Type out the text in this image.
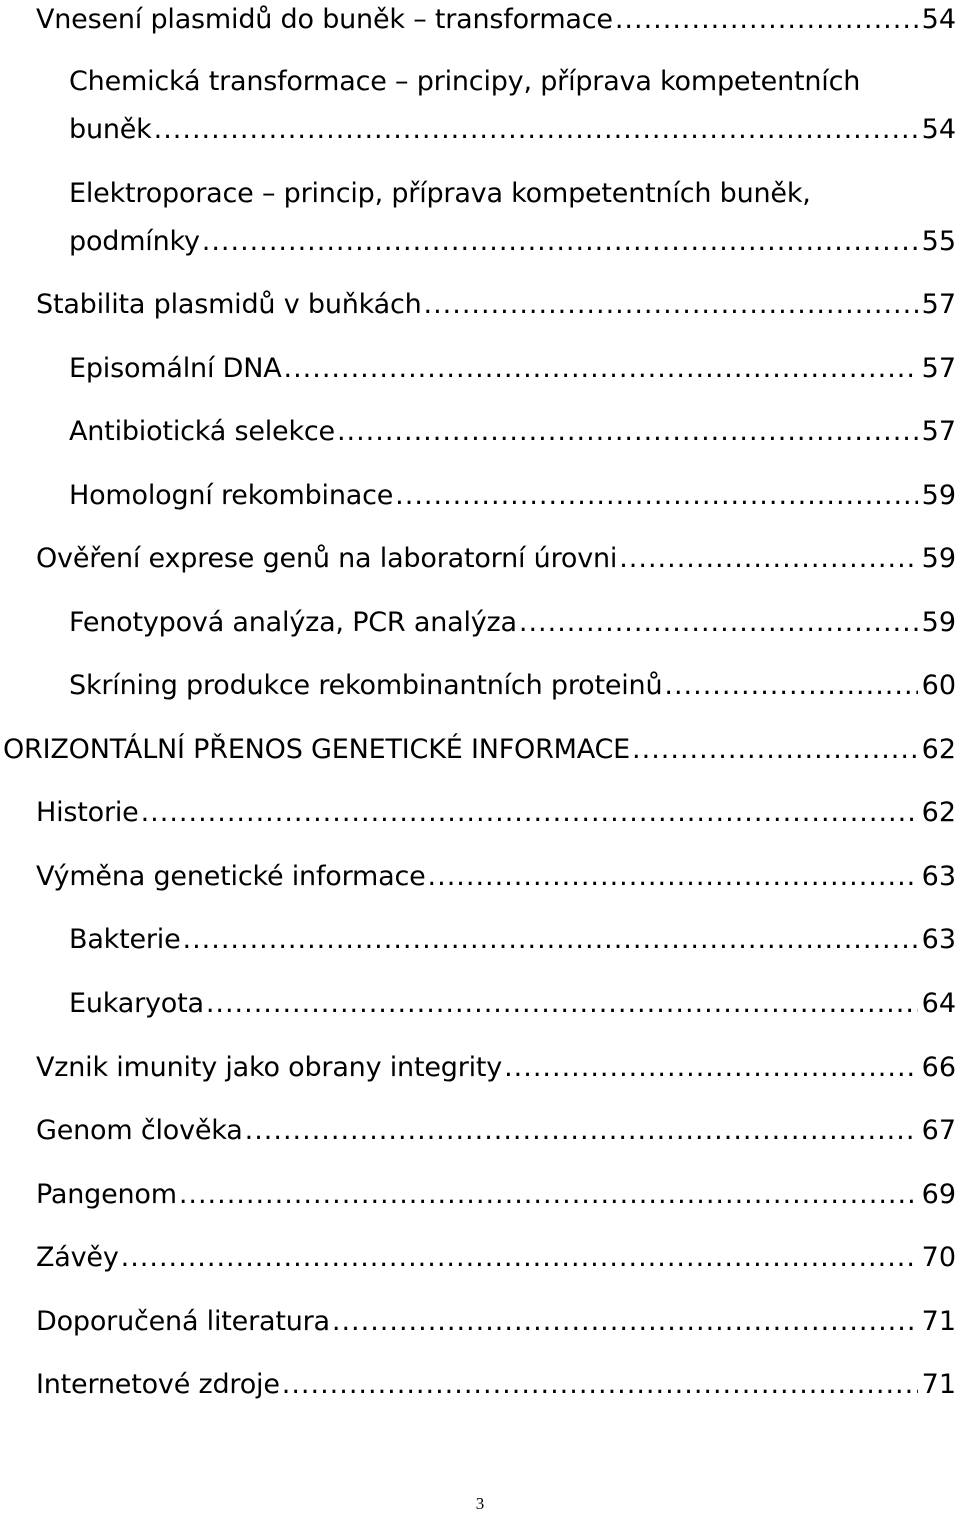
Vnesení plasmidů do buněk – transformace .....	54
Chemická transformace – principy, příprava kompetentních
buněk .....	54
Elektroporace – princip, příprava kompetentních buněk,
podmínky .....	55
Stabilita plasmidů v buňkách .....	57
Episomální DNA .....	57
Antibiotická selekce .....	57
Homologní rekombinace .....	59
Ověření exprese genů na laboratorní úrovni .....	59
Fenotypová analýza, PCR analýza .....	59
Skríning produkce rekombinantních proteinů .....	60
ORIZONTÁLNÍ PŘENOS GENETICKÉ INFORMACE .....	62
Historie .....	62
Výměna genetické informace .....	63
Bakterie .....	63
Eukaryota .....	64
Vznik imunity jako obrany integrity .....	66
Genom člověka .....	67
Pangenom .....	69
Závěy .....	70
Doporučená literatura .....	71
Internetové zdroje .....	71
3
